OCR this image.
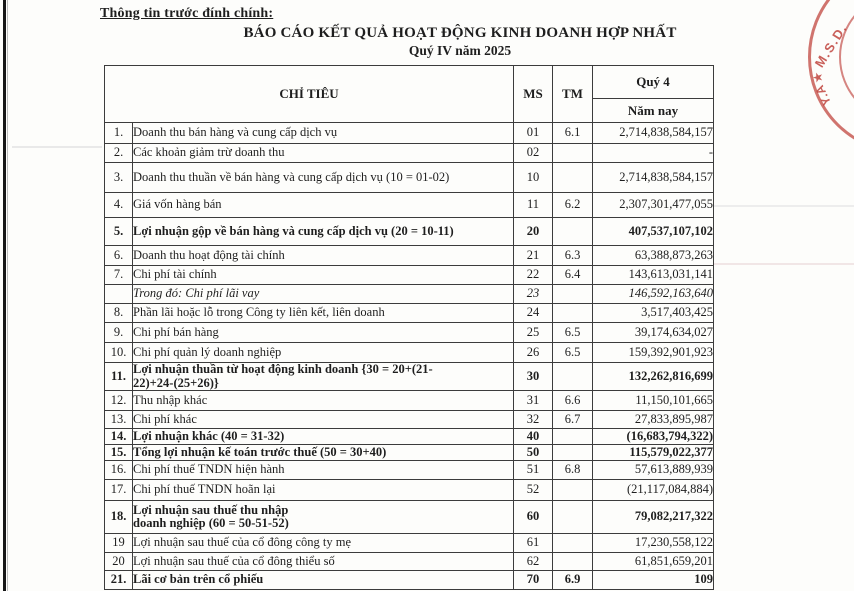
Thông tin trước đính chính:
BÁO CÁO KẾT QUẢ HOẠT ĐỘNG KINH DOANH HỢP NHẤT
Quý IV năm 2025
CHỈ TIÊU		MS	TM	Quý 4
				Năm nay
1.	Doanh thu bán hàng và cung cấp dịch vụ	01	6.1	2,714,838,584,157
2.	Các khoản giảm trừ doanh thu	02		-
3.	Doanh thu thuần về bán hàng và cung cấp dịch vụ (10 = 01-02)	10		2,714,838,584,157
4.	Giá vốn hàng bán	11	6.2	2,307,301,477,055
5.	Lợi nhuận gộp về bán hàng và cung cấp dịch vụ (20 = 10-11)	20		407,537,107,102
6.	Doanh thu hoạt động tài chính	21	6.3	63,388,873,263
7.	Chi phí tài chính	22	6.4	143,613,031,141

	Trong đó: Chi phí lãi vay	23		146,592,163,640
8.	Phần lãi hoặc lỗ trong Công ty liên kết, liên doanh	24		3,517,403,425
9.	Chi phí bán hàng	25	6.5	39,174,634,027
10.	Chi phí quản lý doanh nghiệp	26	6.5	159,392,901,923
11.	Lợi nhuận thuần từ hoạt động kinh doanh {30 = 20+(21-
22)+24-(25+26)}	30		132,262,816,699
12.	Thu nhập khác	31	6.6	11,150,101,665
13.	Chi phí khác	32	6.7	27,833,895,987
14.	Lợi nhuận khác (40 = 31-32)	40		(16,683,794,322)
15.	Tổng lợi nhuận kế toán trước thuế (50 = 30+40)	50		115,579,022,377
16.	Chi phí thuế TNDN hiện hành	51	6.8	57,613,889,939
17.	Chi phí thuế TNDN hoãn lại	52		(21,117,084,884)
18.	Lợi nhuận sau thuế thu nhập
doanh nghiệp (60 = 50-51-52)	60		79,082,217,322
19	Lợi nhuận sau thuế của cổ đông công ty mẹ	61		17,230,558,122
20	Lợi nhuận sau thuế của cổ đông thiểu số	62		61,851,659,201
21.	Lãi cơ bản trên cổ phiếu	70	6.9	109
M.S.D.
★
Y.A
